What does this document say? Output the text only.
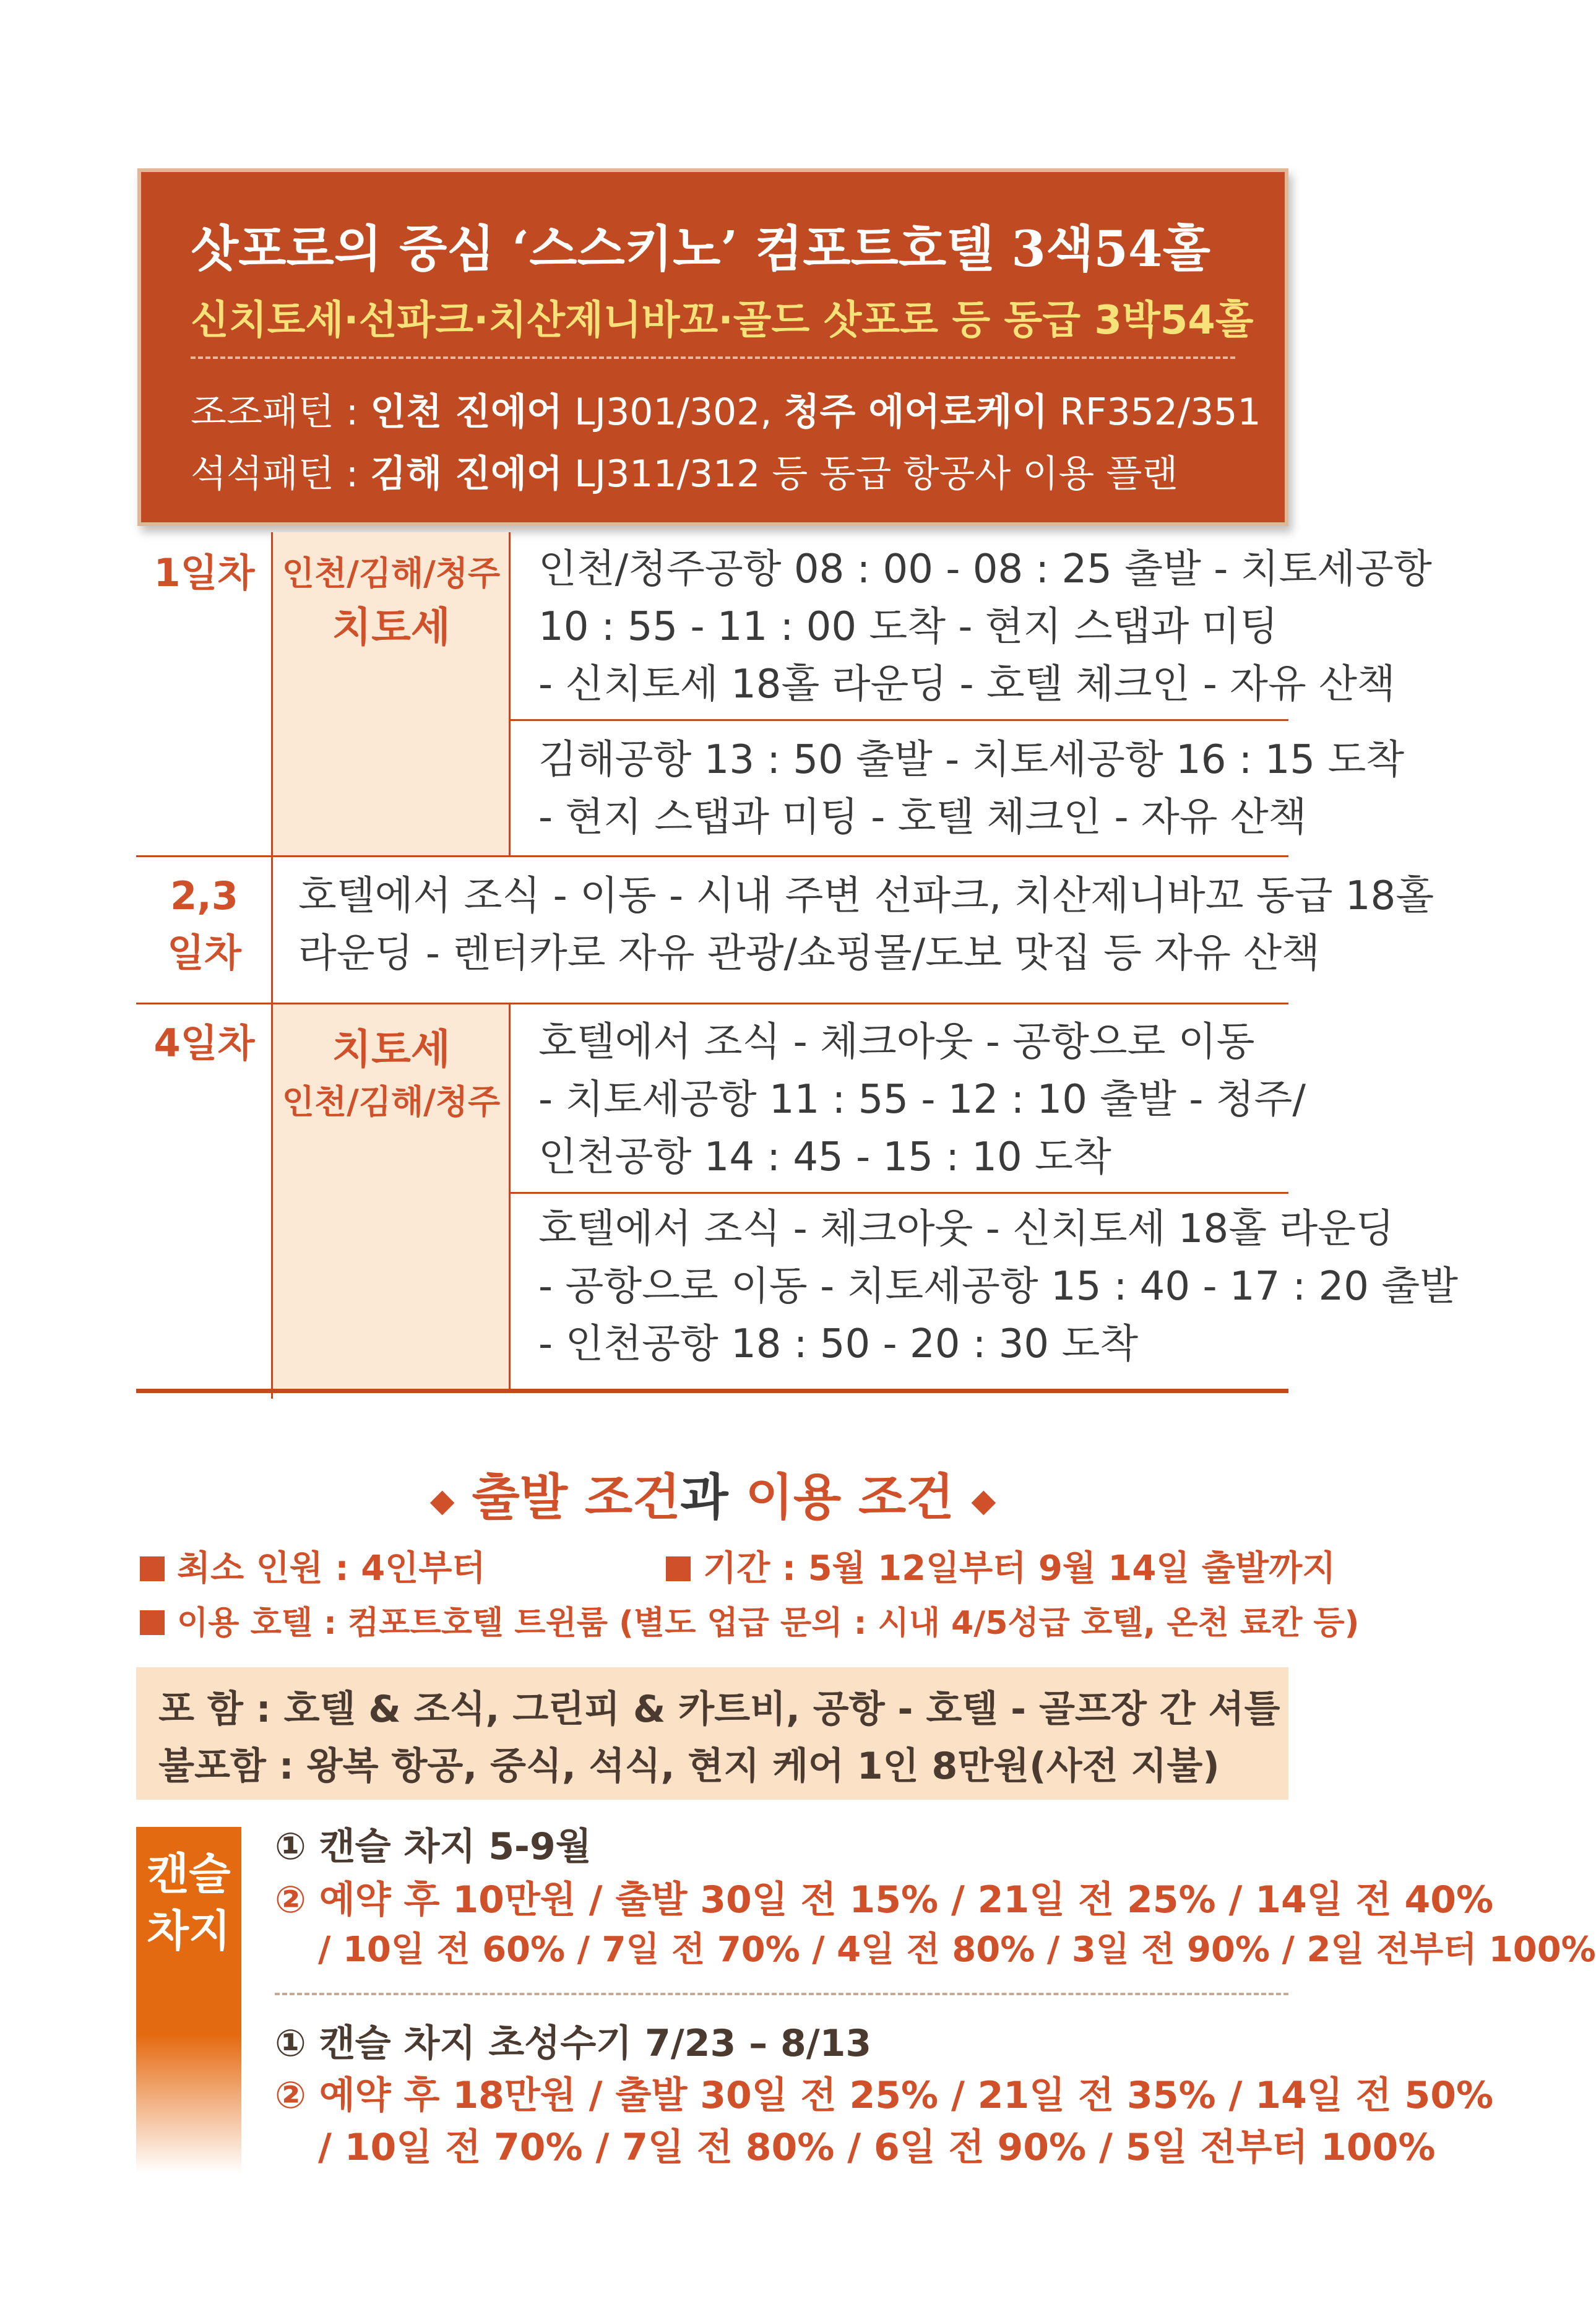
삿포로의 중심 ‘스스키노’ 컴포트호텔 3색54홀
신치토세·선파크·치산제니바꼬·골드 삿포로 등 동급 3박54홀
조조패턴 : 인천 진에어 LJ301/302, 청주 에어로케이 RF352/351
석석패턴 : 김해 진에어 LJ311/312 등 동급 항공사 이용 플랜
1일차 인천/김해/청주
치토세
인천/청주공항 08 : 00 - 08 : 25 출발 - 치토세공항
10 : 55 - 11 : 00 도착 - 현지 스탭과 미팅
- 신치토세 18홀 라운딩 - 호텔 체크인 - 자유 산책
김해공항 13 : 50 출발 - 치토세공항 16 : 15 도착
- 현지 스탭과 미팅 - 호텔 체크인 - 자유 산책
2,3
일차
호텔에서 조식 - 이동 - 시내 주변 선파크, 치산제니바꼬 동급 18홀
라운딩 - 렌터카로 자유 관광/쇼핑몰/도보 맛집 등 자유 산책
4일차	치토세
인천/김해/청주
호텔에서 조식 - 체크아웃 - 공항으로 이동
- 치토세공항 11 : 55 - 12 : 10 출발 - 청주/
인천공항 14 : 45 - 15 : 10 도착
호텔에서 조식 - 체크아웃 - 신치토세 18홀 라운딩
- 공항으로 이동 - 치토세공항 15 : 40 - 17 : 20 출발
- 인천공항 18 : 50 - 20 : 30 도착
◆ 출발 조건과 이용 조건 ◆
최소 인원 : 4인부터	기간 : 5월 12일부터 9월 14일 출발까지
이용 호텔 : 컴포트호텔 트윈룸 (별도 업급 문의 : 시내 4/5성급 호텔, 온천 료칸 등)
포 함 : 호텔 & 조식, 그린피 & 카트비, 공항 - 호텔 - 골프장 간 셔틀
불포함 : 왕복 항공, 중식, 석식, 현지 케어 1인 8만원(사전 지불)
캔슬
차지
① 캔슬 차지 5-9월
② 예약 후 10만원 / 출발 30일 전 15% / 21일 전 25% / 14일 전 40%
/ 10일 전 60% / 7일 전 70% / 4일 전 80% / 3일 전 90% / 2일 전부터 100%
① 캔슬 차지 초성수기 7/23 – 8/13
② 예약 후 18만원 / 출발 30일 전 25% / 21일 전 35% / 14일 전 50%
/ 10일 전 70% / 7일 전 80% / 6일 전 90% / 5일 전부터 100%
